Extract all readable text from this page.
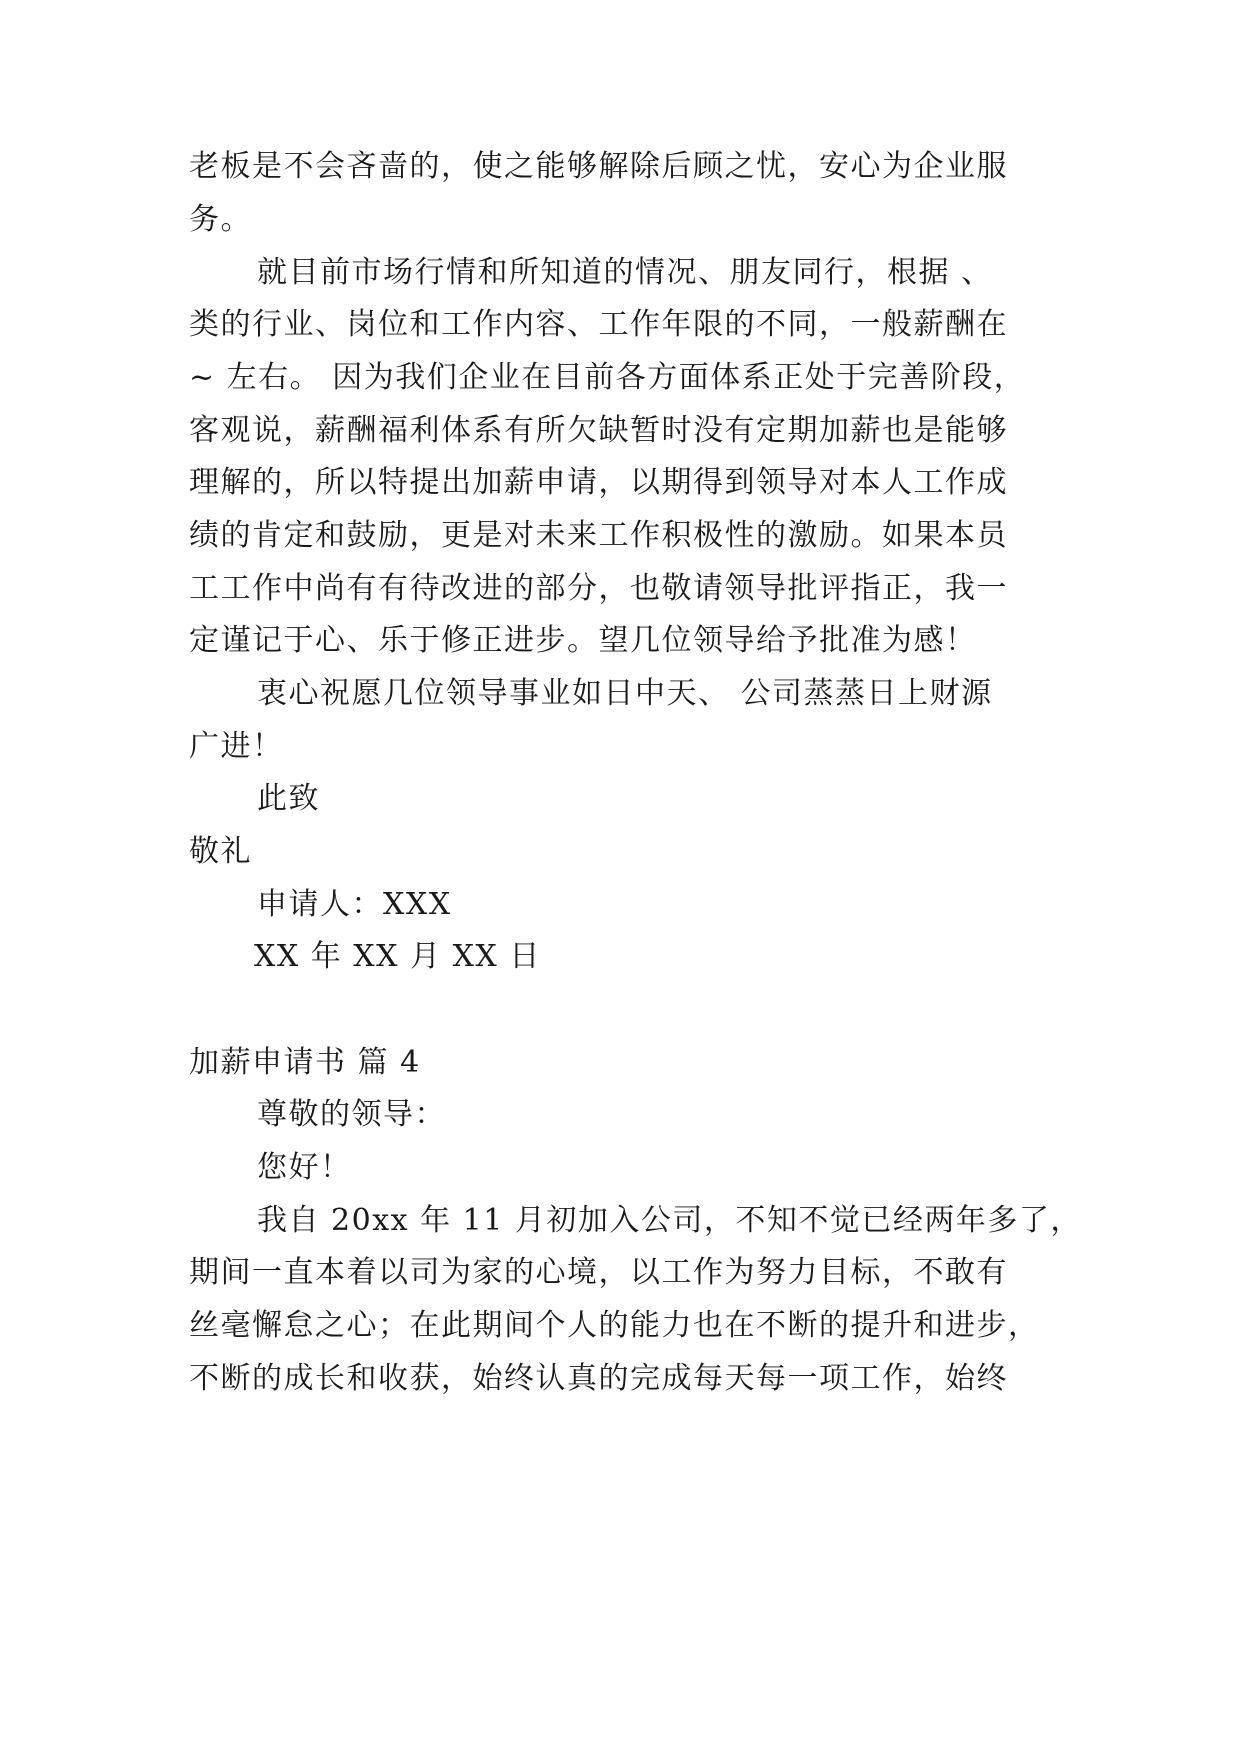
老板是不会吝啬的，使之能够解除后顾之忧，安心为企业服
务。
就目前市场行情和所知道的情况、朋友同行，根据 、
类的行业、岗位和工作内容、工作年限的不同，一般薪酬在
~ 左右。 因为我们企业在目前各方面体系正处于完善阶段，
客观说，薪酬福利体系有所欠缺暂时没有定期加薪也是能够
理解的，所以特提出加薪申请，以期得到领导对本人工作成
绩的肯定和鼓励，更是对未来工作积极性的激励。如果本员
工工作中尚有有待改进的部分，也敬请领导批评指正，我一
定谨记于心、乐于修正进步。望几位领导给予批准为感！
衷心祝愿几位领导事业如日中天、 公司蒸蒸日上财源
广进！
此致
敬礼
申请人：XXX
XX 年 XX 月 XX 日
加薪申请书 篇 4
尊敬的领导：
您好！
我自 20xx 年 11 月初加入公司，不知不觉已经两年多了，
期间一直本着以司为家的心境，以工作为努力目标，不敢有
丝毫懈怠之心；在此期间个人的能力也在不断的提升和进步，
不断的成长和收获，始终认真的完成每天每一项工作，始终
